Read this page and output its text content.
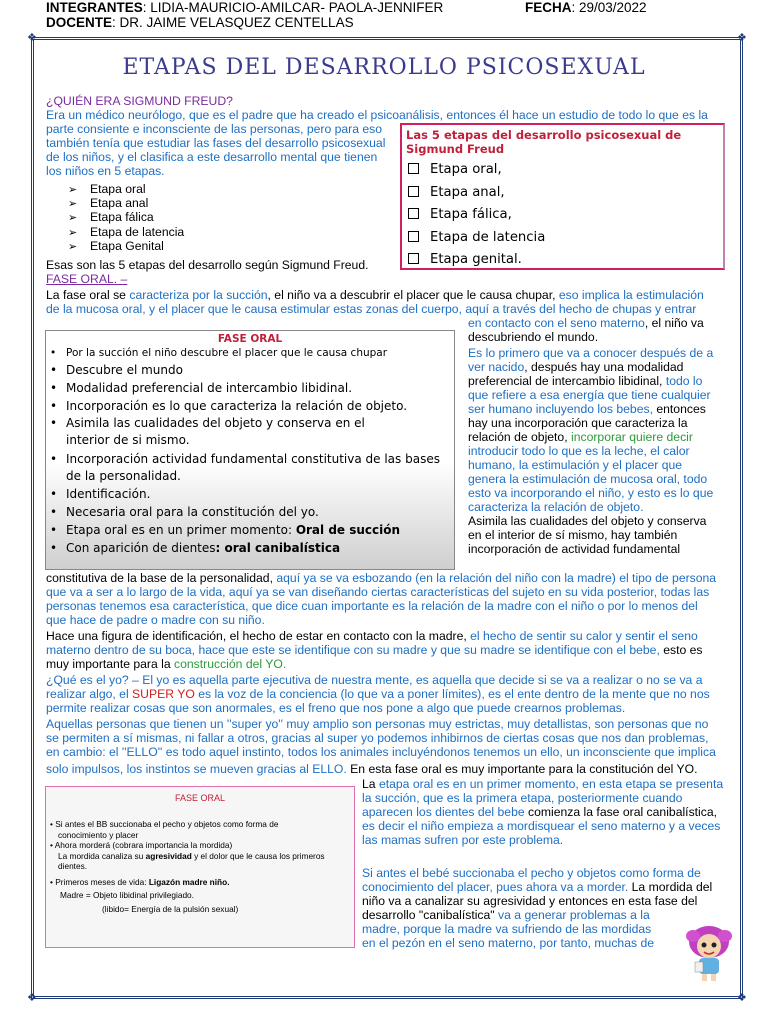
INTEGRANTES: LIDIA-MAURICIO-AMILCAR- PAOLA-JENNIFER	FECHA: 29/03/2022
DOCENTE: DR. JAIME VELASQUEZ CENTELLAS
❖	❖
❖	❖
ETAPAS DEL DESARROLLO PSICOSEXUAL
¿QUIÉN ERA SIGMUND FREUD?
Era un médico neurólogo, que es el padre que ha creado el psicoanálisis, entonces él hace un estudio de todo lo que es la
parte consiente e inconsciente de las personas, pero para eso
también tenía que estudiar las fases del desarrollo psicosexual
de los niños, y el clasifica a este desarrollo mental que tienen
los niños en 5 etapas.
➢ Etapa oral
➢ Etapa anal
➢ Etapa fálica
➢ Etapa de latencia
➢ Etapa Genital
Esas son las 5 etapas del desarrollo según Sigmund Freud.
Las 5 etapas del desarrollo psicosexual de Sigmund Freud
Etapa oral,
Etapa anal,
Etapa fálica,
Etapa de latencia
Etapa genital.
FASE ORAL. –
La fase oral se caracteriza por la succión, el niño va a descubrir el placer que le causa chupar, eso implica la estimulación
de la mucosa oral, y el placer que le causa estimular estas zonas del cuerpo, aquí a través del hecho de chupas y entrar
en contacto con el seno materno, el niño va
descubriendo el mundo.
Es lo primero que va a conocer después de a
ver nacido, después hay una modalidad
preferencial de intercambio libidinal, todo lo
que refiere a esa energía que tiene cualquier
ser humano incluyendo los bebes, entonces
hay una incorporación que caracteriza la
relación de objeto, incorporar quiere decir
introducir todo lo que es la leche, el calor
humano, la estimulación y el placer que
genera la estimulación de mucosa oral, todo
esto va incorporando el niño, y esto es lo que
caracteriza la relación de objeto.
Asimila las cualidades del objeto y conserva
en el interior de sí mismo, hay también
incorporación de actividad fundamental
FASE ORAL
• Por la succión el niño descubre el placer que le causa chupar
• Descubre el mundo
• Modalidad preferencial de intercambio libidinal.
• Incorporación es lo que caracteriza la relación de objeto.
• Asimila las cualidades del objeto y conserva en el interior de si mismo.
• Incorporación actividad fundamental constitutiva de las bases de la personalidad.
• Identificación.
• Necesaria oral para la constitución del yo.
• Etapa oral es en un primer momento: Oral de succión
• Con aparición de dientes: oral canibalística
constitutiva de la base de la personalidad, aquí ya se va esbozando (en la relación del niño con la madre) el tipo de persona
que va a ser a lo largo de la vida, aquí ya se van diseñando ciertas características del sujeto en su vida posterior, todas las
personas tenemos esa característica, que dice cuan importante es la relación de la madre con el niño o por lo menos del
que hace de padre o madre con su niño.
Hace una figura de identificación, el hecho de estar en contacto con la madre, el hecho de sentir su calor y sentir el seno
materno dentro de su boca, hace que este se identifique con su madre y que su madre se identifique con el bebe, esto es
muy importante para la construcción del YO.
¿Qué es el yo? – El yo es aquella parte ejecutiva de nuestra mente, es aquella que decide si se va a realizar o no se va a
realizar algo, el SUPER YO es la voz de la conciencia (lo que va a poner límites), es el ente dentro de la mente que no nos
permite realizar cosas que son anormales, es el freno que nos pone a algo que puede crearnos problemas.
Aquellas personas que tienen un ''super yo'' muy amplio son personas muy estrictas, muy detallistas, son personas que no
se permiten a sí mismas, ni fallar a otros, gracias al super yo podemos inhibirnos de ciertas cosas que nos dan problemas,
en cambio: el ''ELLO'' es todo aquel instinto, todos los animales incluyéndonos tenemos un ello, un inconsciente que implica
solo impulsos, los instintos se mueven gracias al ELLO. En esta fase oral es muy importante para la constitución del YO.
La etapa oral es en un primer momento, en esta etapa se presenta
la succión, que es la primera etapa, posteriormente cuando
aparecen los dientes del bebe comienza la fase oral canibalística,
es decir el niño empieza a mordisquear el seno materno y a veces
las mamas sufren por este problema.
Si antes el bebé succionaba el pecho y objetos como forma de
conocimiento del placer, pues ahora va a morder. La mordida del
niño va a canalizar su agresividad y entonces en esta fase del
desarrollo "canibalística" va a generar problemas a la
madre, porque la madre va sufriendo de las mordidas
en el pezón en el seno materno, por tanto, muchas de
FASE ORAL
• Si antes el BB succionaba el pecho y objetos como forma de
conocimiento y placer
• Ahora morderá (cobrara importancia la mordida)
La mordida canaliza su agresividad y el dolor que le causa los primeros
dientes.
• Primeros meses de vida: Ligazón madre niño.
Madre = Objeto libidinal privilegiado.
(libido= Energía de la pulsión sexual)
